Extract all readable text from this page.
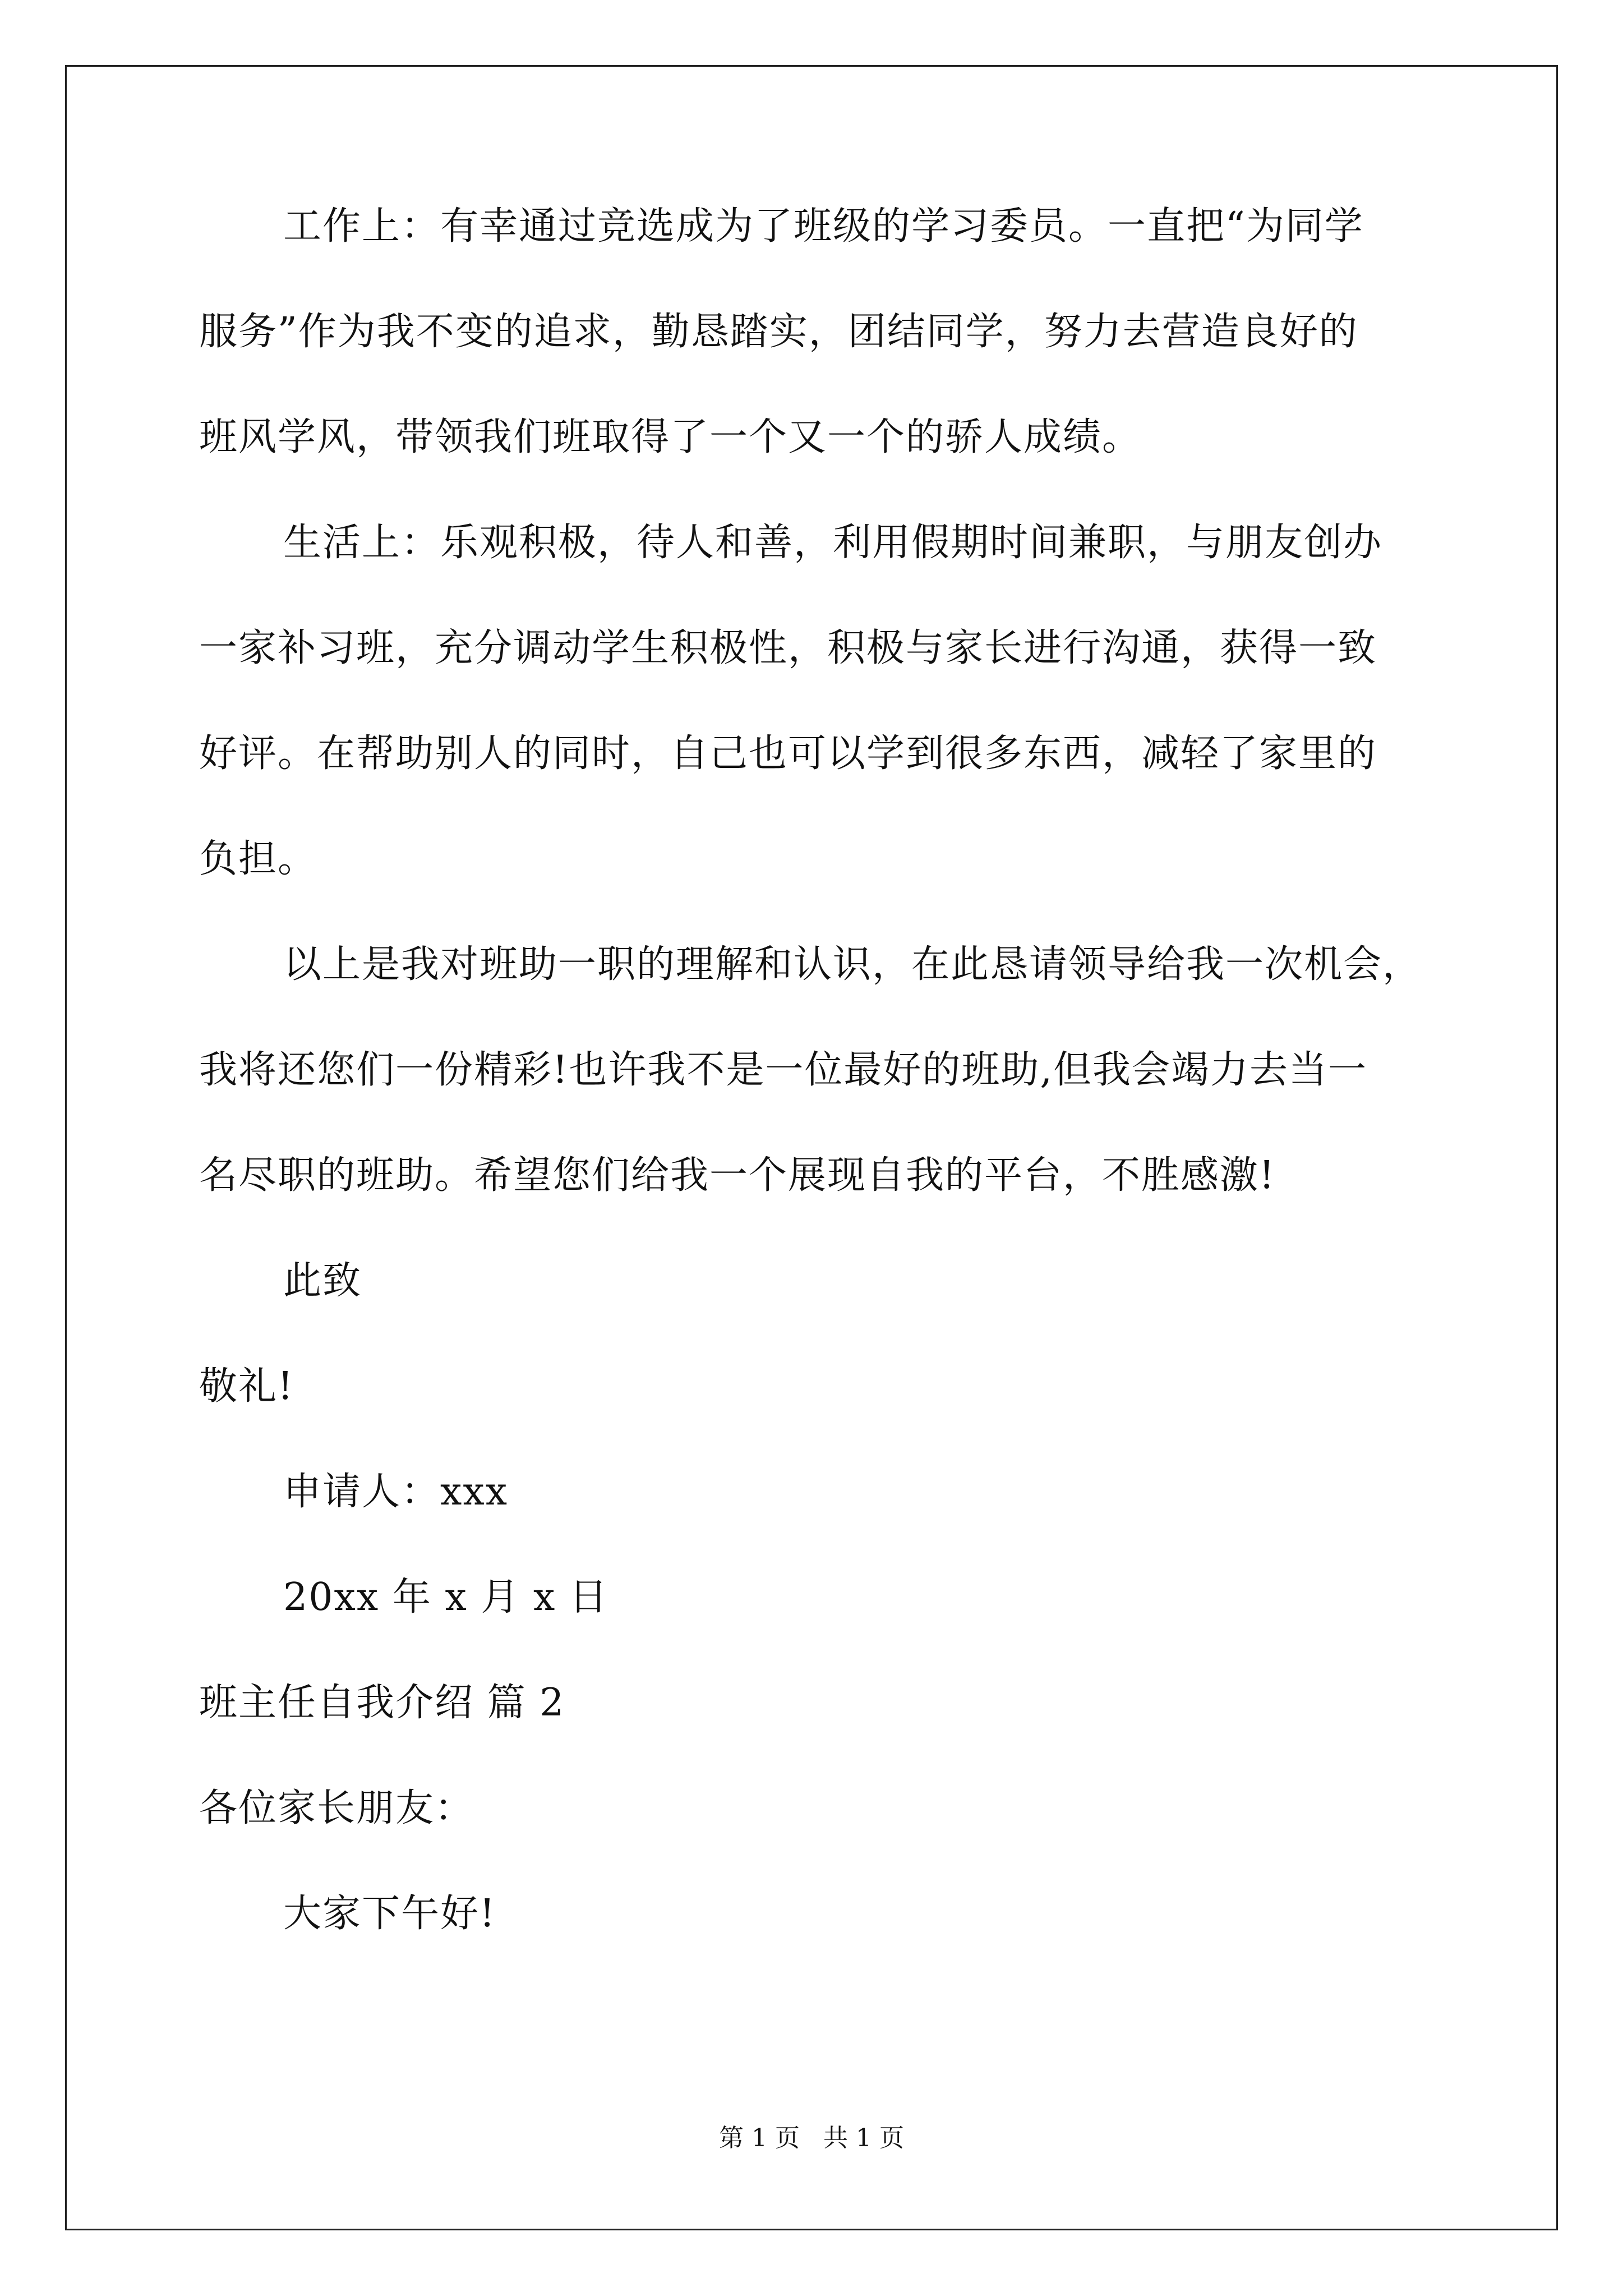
工作上：有幸通过竞选成为了班级的学习委员。一直把“为同学
服务”作为我不变的追求，勤恳踏实，团结同学，努力去营造良好的
班风学风，带领我们班取得了一个又一个的骄人成绩。
生活上：乐观积极，待人和善，利用假期时间兼职，与朋友创办
一家补习班，充分调动学生积极性，积极与家长进行沟通，获得一致
好评。在帮助别人的同时，自己也可以学到很多东西，减轻了家里的
负担。
以上是我对班助一职的理解和认识，在此恳请领导给我一次机会，
我将还您们一份精彩!也许我不是一位最好的班助,但我会竭力去当一
名尽职的班助。希望您们给我一个展现自我的平台，不胜感激!
此致
敬礼!
申请人：xxx
20xx 年 x 月 x 日
班主任自我介绍 篇 2
各位家长朋友：
大家下午好!
第 1 页   共 1 页
